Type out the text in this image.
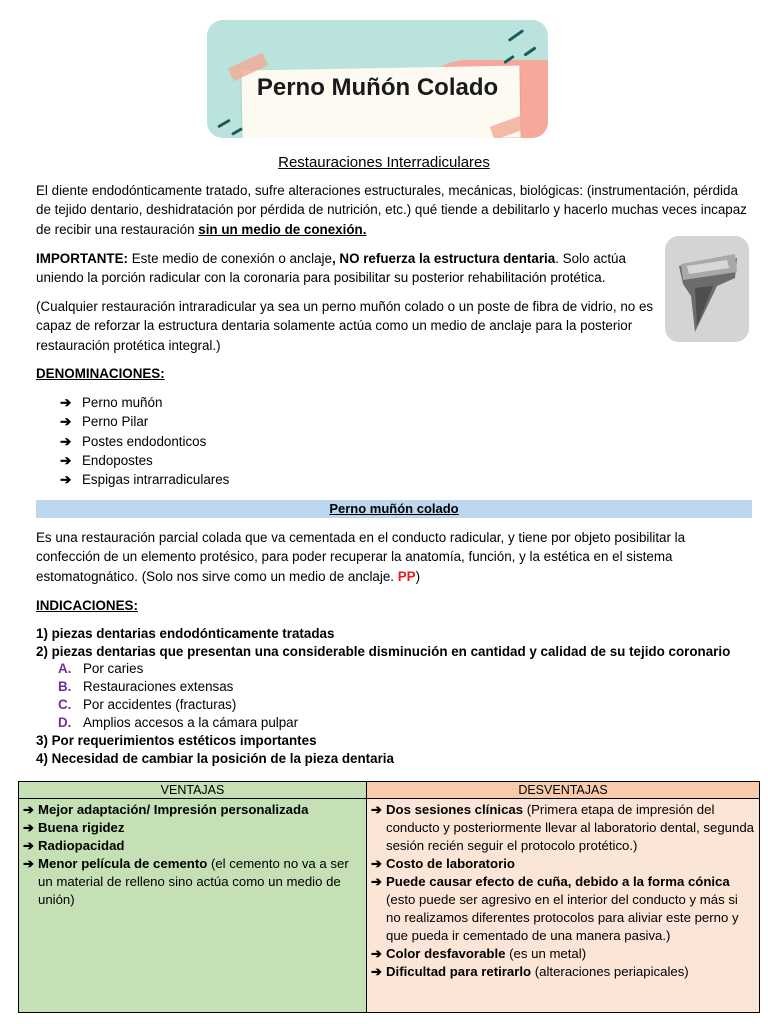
Perno Muñón Colado
Restauraciones Interradiculares

El diente endodónticamente tratado, sufre alteraciones estructurales, mecánicas, biológicas: (instrumentación, pérdida de tejido dentario, deshidratación por pérdida de nutrición, etc.) qué tiende a debilitarlo y hacerlo muchas veces incapaz de recibir una restauración sin un medio de conexión.

IMPORTANTE: Este medio de conexión o anclaje, NO refuerza la estructura dentaria. Solo actúa uniendo la porción radicular con la coronaria para posibilitar su posterior rehabilitación protética.

(Cualquier restauración intraradicular ya sea un perno muñón colado o un poste de fibra de vidrio, no es capaz de reforzar la estructura dentaria solamente actúa como un medio de anclaje para la posterior restauración protética integral.)

DENOMINACIONES:
➔ Perno muñón
➔ Perno Pilar
➔ Postes endodonticos
➔ Endopostes
➔ Espigas intrarradiculares
Perno muñón colado

Es una restauración parcial colada que va cementada en el conducto radicular, y tiene por objeto posibilitar la confección de un elemento protésico, para poder recuperar la anatomía, función, y la estética en el sistema estomatognático. (Solo nos sirve como un medio de anclaje. PP)

INDICACIONES:
1) piezas dentarias endodónticamente tratadas
2) piezas dentarias que presentan una considerable disminución en cantidad y calidad de su tejido coronario
A. Por caries
B. Restauraciones extensas
C. Por accidentes (fracturas)
D. Amplios accesos a la cámara pulpar
3) Por requerimientos estéticos importantes
4) Necesidad de cambiar la posición de la pieza dentaria
VENTAJAS
➔ Mejor adaptación/ Impresión personalizada
➔ Buena rigidez
➔ Radiopacidad
➔ Menor película de cemento (el cemento no va a ser un material de relleno sino actúa como un medio de unión)
DESVENTAJAS
➔ Dos sesiones clínicas (Primera etapa de impresión del conducto y posteriormente llevar al laboratorio dental, segunda sesión recién seguir el protocolo protético.)
➔ Costo de laboratorio
➔ Puede causar efecto de cuña, debido a la forma cónica (esto puede ser agresivo en el interior del conducto y más si no realizamos diferentes protocolos para aliviar este perno y que pueda ir cementado de una manera pasiva.)
➔ Color desfavorable (es un metal)
➔ Dificultad para retirarlo (alteraciones periapicales)
